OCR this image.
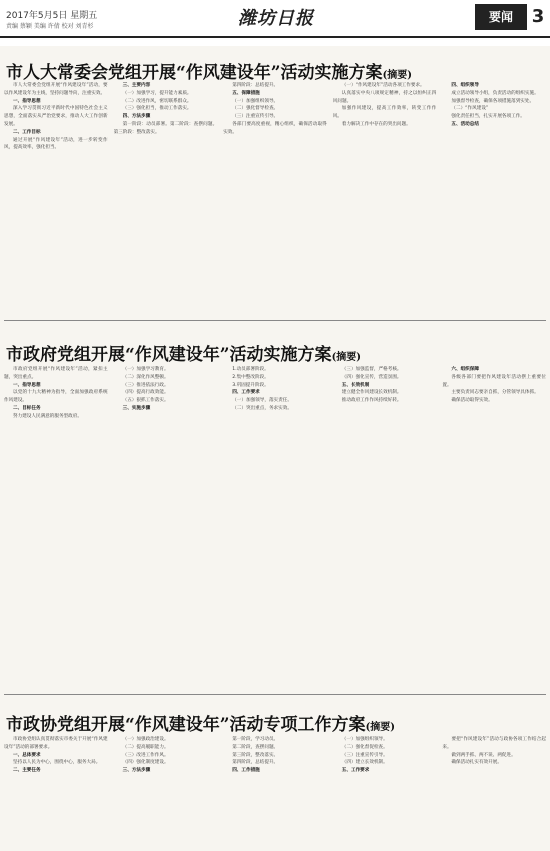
2017年5月5日 星期五
责编 蔡颖 美编 许倩 校对 刘青杉	潍坊日报	要闻	3
市人大常委会党组开展“作风建设年”活动实施方案(摘要)

市人大常委会党组开展“作风建设年”活动，要以作风建设年为主线，坚持问题导向，注重实效。

一、指导思想

深入学习贯彻习近平新时代中国特色社会主义思想，全面落实从严治党要求，推动人大工作创新发展。

二、工作目标

通过开展“作风建设年”活动，进一步转变作风，提高效率，强化担当。

三、主要内容

（一）加强学习，提升能力素质。

（二）改进作风，密切联系群众。

（三）强化担当，推动工作落实。

四、方法步骤

第一阶段：动员部署。第二阶段：查摆问题。第三阶段：整改落实。

第四阶段：总结提升。

五、保障措施

（一）加强组织领导。

（二）强化督导检查。

（三）注重宣传引导。

各部门要高度重视，精心组织，确保活动取得实效。

（一）“作风建设年”活动各项工作要求。

认真落实中央八项规定精神，持之以恒纠正四风问题。

加强作风建设，提高工作效率，转变工作作风。

着力解决工作中存在的突出问题。

四、组织领导

成立活动领导小组，负责活动的组织实施。

加强督导检查，确保各项措施落到实处。

（二）“作风建设”

强化责任担当，扎实开展各项工作。

五、活动总结

市政府党组开展“作风建设年”活动实施方案(摘要)

市政府党组开展“作风建设年”活动，紧扣主题，突出重点。

一、指导思想

以党的十九大精神为指导，全面加强政府系统作风建设。

二、目标任务

努力建设人民满意的服务型政府。

（一）加强学习教育。

（二）深化作风整顿。

（三）推进依法行政。

（四）提高行政效能。

（五）狠抓工作落实。

三、实施步骤

1.动员部署阶段。

2.集中整改阶段。

3.巩固提升阶段。

四、工作要求

（一）加强领导，落实责任。

（二）突出重点，务求实效。

（三）加强监督，严格考核。

（四）强化宣传，营造氛围。

五、长效机制

建立健全作风建设长效机制。

推动政府工作作风持续好转。

六、组织保障

各级各部门要把作风建设年活动摆上重要位置。

主要负责同志要亲自抓，分管领导具体抓。

确保活动取得实效。

市政协党组开展“作风建设年”活动专项工作方案(摘要)

市政协党组认真贯彻落实市委关于开展“作风建设年”活动的部署要求。

一、总体要求

坚持以人民为中心，围绕中心，服务大局。

二、主要任务

（一）加强政治建设。

（二）提高履职能力。

（三）改进工作作风。

（四）强化制度建设。

三、方法步骤

第一阶段，学习动员。

第二阶段，查摆问题。

第三阶段，整改落实。

第四阶段，总结提升。

四、工作措施

（一）加强组织领导。

（二）强化督促检查。

（三）注重宣传引导。

（四）建立长效机制。

五、工作要求

要把“作风建设年”活动与政协各项工作结合起来。

做到两手抓、两不误、两促进。

确保活动扎实有效开展。
